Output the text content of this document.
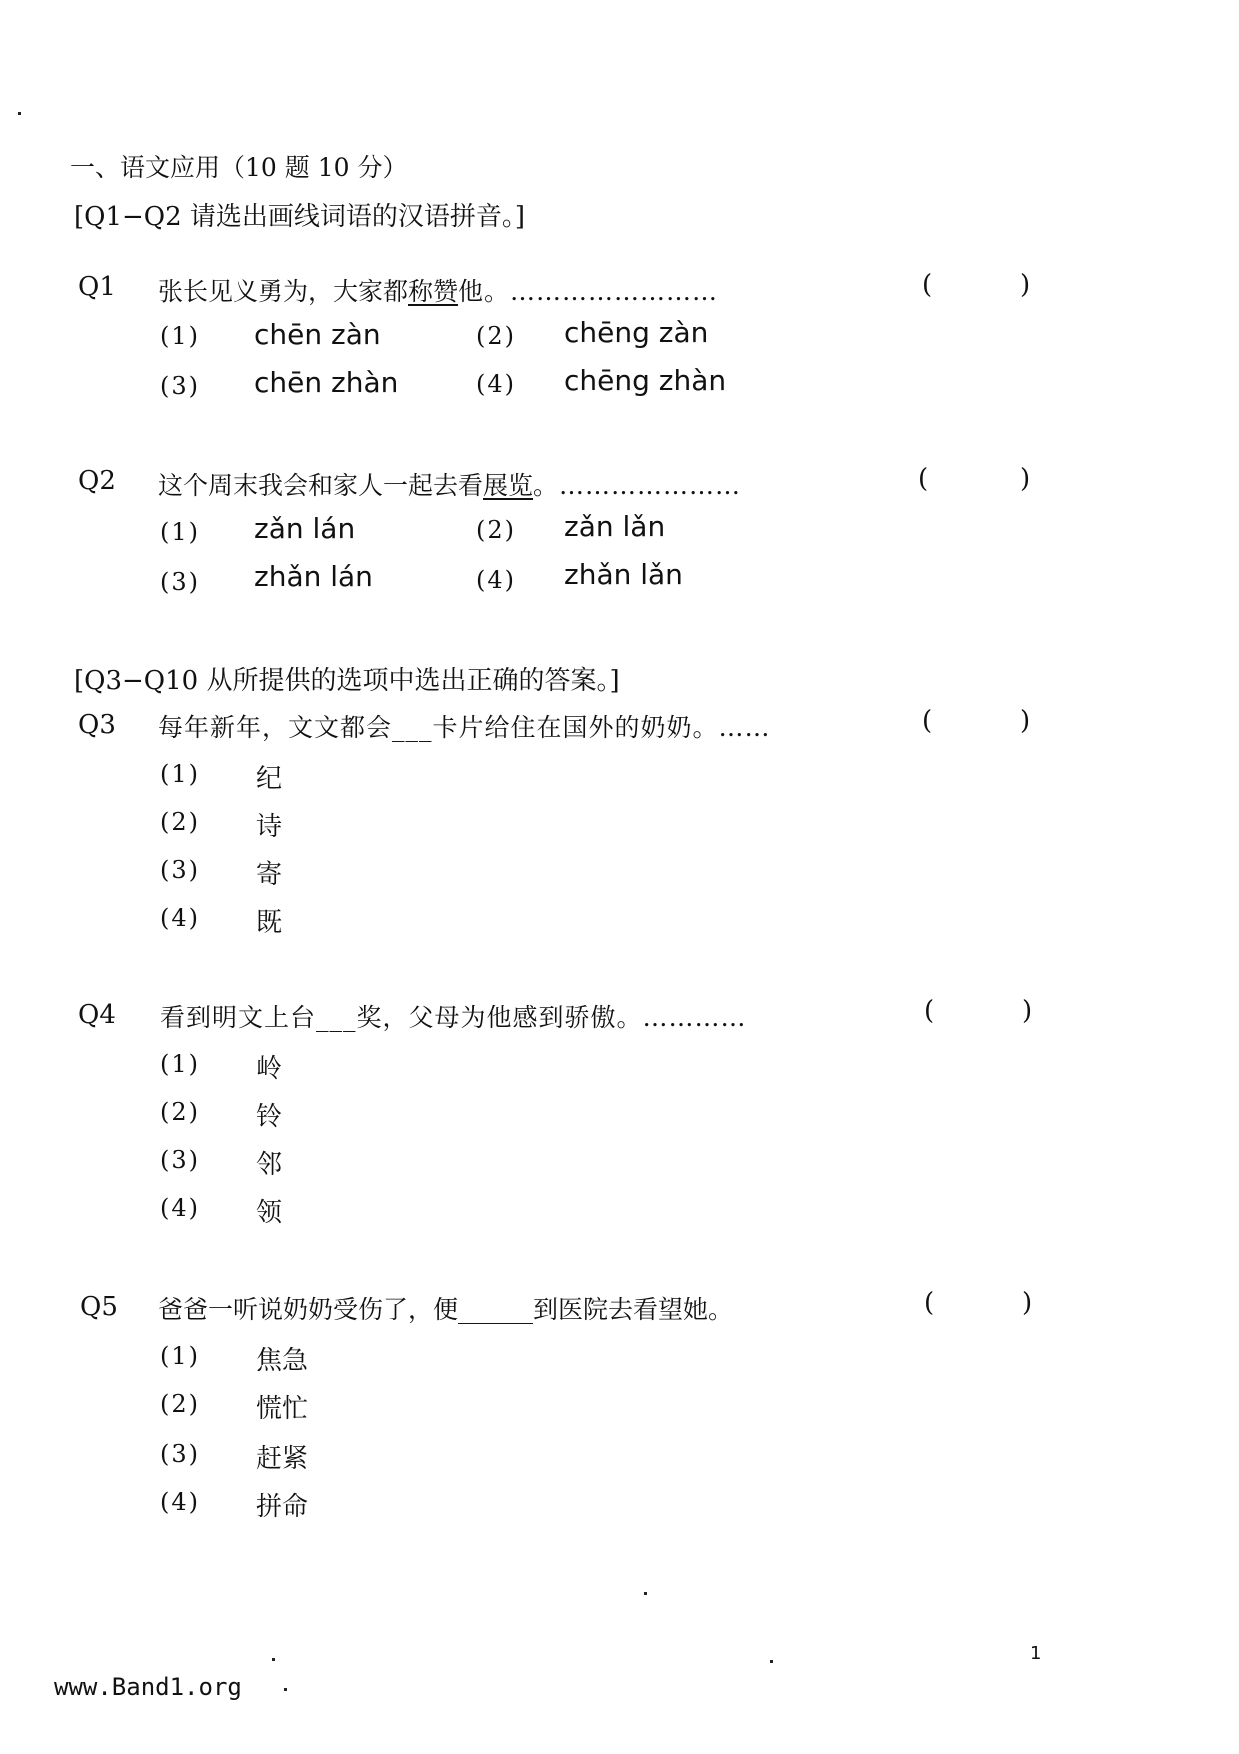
一、语文应用（10 题 10 分）
[Q1−Q2 请选出画线词语的汉语拼音。]
Q1 张长见义勇为，大家都称赞他。……………………	(	)
(1) chēn zàn	(2) chēng zàn
(3) chēn zhàn	(4) chēng zhàn
Q2 这个周末我会和家人一起去看展览。…………………	(	)
(1) zǎn lán	(2) zǎn lǎn
(3) zhǎn lán	(4) zhǎn lǎn
[Q3−Q10 从所提供的选项中选出正确的答案。]
Q3 每年新年，文文都会___卡片给住在国外的奶奶。……	(	)
(1) 纪
(2) 诗
(3) 寄
(4) 既
Q4 看到明文上台___奖，父母为他感到骄傲。…………	(	)
(1) 岭
(2) 铃
(3) 邻
(4) 领
Q5 爸爸一听说奶奶受伤了，便______到医院去看望她。	(	)
(1) 焦急
(2) 慌忙
(3) 赶紧
(4) 拼命
1
www.Band1.org
